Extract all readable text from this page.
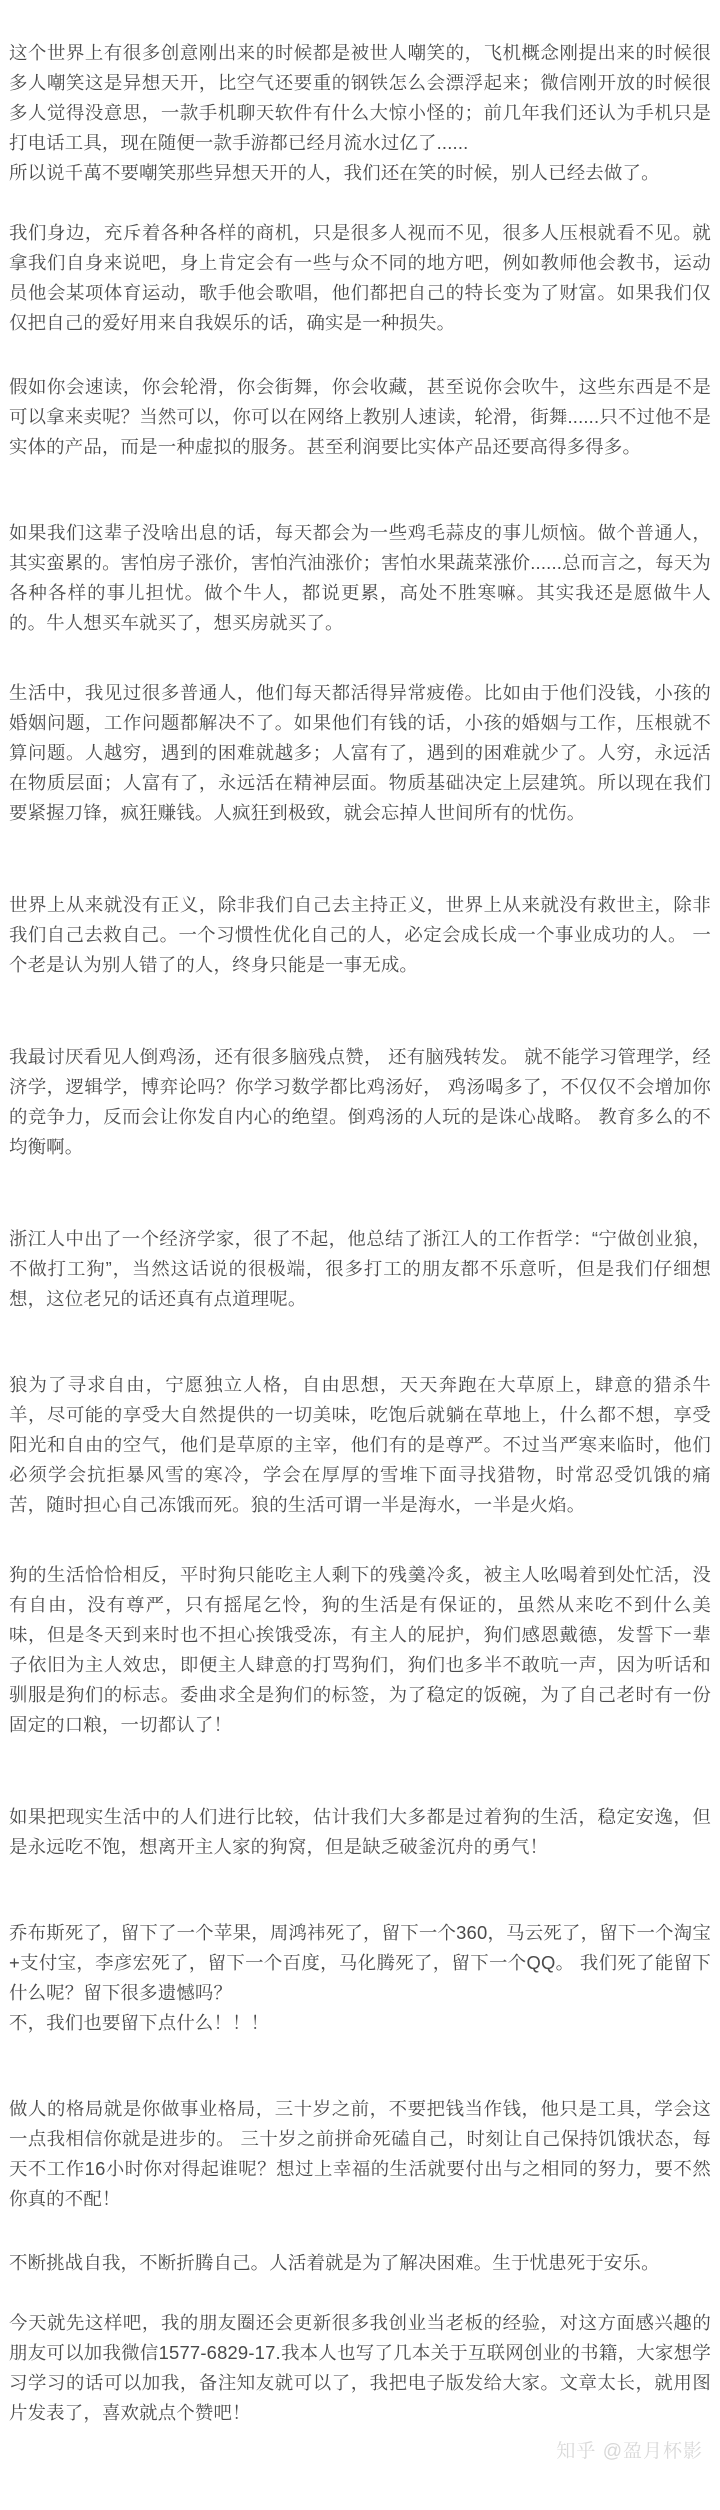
这个世界上有很多创意刚出来的时候都是被世人嘲笑的，飞机概念刚提出来的时候很多人嘲笑这是异想天开，比空气还要重的钢铁怎么会漂浮起来；微信刚开放的时候很多人觉得没意思，一款手机聊天软件有什么大惊小怪的；前几年我们还认为手机只是打电话工具，现在随便一款手游都已经月流水过亿了......

所以说千萬不要嘲笑那些异想天开的人，我们还在笑的时候，别人已经去做了。

我们身边，充斥着各种各样的商机，只是很多人视而不见，很多人压根就看不见。就拿我们自身来说吧，身上肯定会有一些与众不同的地方吧，例如教师他会教书，运动员他会某项体育运动，歌手他会歌唱，他们都把自己的特长变为了财富。如果我们仅仅把自己的爱好用来自我娱乐的话，确实是一种损失。

假如你会速读，你会轮滑，你会街舞，你会收藏，甚至说你会吹牛，这些东西是不是可以拿来卖呢？当然可以，你可以在网络上教别人速读，轮滑，街舞......只不过他不是实体的产品，而是一种虚拟的服务。甚至利润要比实体产品还要高得多得多。

如果我们这辈子没啥出息的话，每天都会为一些鸡毛蒜皮的事儿烦恼。做个普通人，其实蛮累的。害怕房子涨价，害怕汽油涨价；害怕水果蔬菜涨价......总而言之，每天为各种各样的事儿担忧。做个牛人，都说更累，高处不胜寒嘛。其实我还是愿做牛人的。牛人想买车就买了，想买房就买了。

生活中，我见过很多普通人，他们每天都活得异常疲倦。比如由于他们没钱，小孩的婚姻问题，工作问题都解决不了。如果他们有钱的话，小孩的婚姻与工作，压根就不算问题。人越穷，遇到的困难就越多；人富有了，遇到的困难就少了。人穷，永远活在物质层面；人富有了，永远活在精神层面。物质基础决定上层建筑。所以现在我们要紧握刀锋，疯狂赚钱。人疯狂到极致，就会忘掉人世间所有的忧伤。

世界上从来就没有正义，除非我们自己去主持正义，世界上从来就没有救世主，除非我们自己去救自己。一个习惯性优化自己的人，必定会成长成一个事业成功的人。 一个老是认为别人错了的人，终身只能是一事无成。

我最讨厌看见人倒鸡汤，还有很多脑残点赞， 还有脑残转发。 就不能学习管理学，经济学，逻辑学，博弈论吗？你学习数学都比鸡汤好， 鸡汤喝多了，不仅仅不会增加你的竞争力，反而会让你发自内心的绝望。倒鸡汤的人玩的是诛心战略。 教育多么的不均衡啊。

浙江人中出了一个经济学家，很了不起，他总结了浙江人的工作哲学：“宁做创业狼，不做打工狗”，当然这话说的很极端，很多打工的朋友都不乐意听，但是我们仔细想想，这位老兄的话还真有点道理呢。

狼为了寻求自由，宁愿独立人格，自由思想，天天奔跑在大草原上，肆意的猎杀牛羊，尽可能的享受大自然提供的一切美味，吃饱后就躺在草地上，什么都不想，享受阳光和自由的空气，他们是草原的主宰，他们有的是尊严。不过当严寒来临时，他们必须学会抗拒暴风雪的寒冷，学会在厚厚的雪堆下面寻找猎物，时常忍受饥饿的痛苦，随时担心自己冻饿而死。狼的生活可谓一半是海水，一半是火焰。

狗的生活恰恰相反，平时狗只能吃主人剩下的残羹冷炙，被主人吆喝着到处忙活，没有自由，没有尊严，只有摇尾乞怜，狗的生活是有保证的，虽然从来吃不到什么美味，但是冬天到来时也不担心挨饿受冻，有主人的屁护，狗们感恩戴德，发誓下一辈子依旧为主人效忠，即便主人肆意的打骂狗们，狗们也多半不敢吭一声，因为听话和驯服是狗们的标志。委曲求全是狗们的标签，为了稳定的饭碗，为了自己老时有一份固定的口粮，一切都认了！

如果把现实生活中的人们进行比较，估计我们大多都是过着狗的生活，稳定安逸，但是永远吃不饱，想离开主人家的狗窝，但是缺乏破釜沉舟的勇气！

乔布斯死了，留下了一个苹果，周鸿祎死了，留下一个360，马云死了，留下一个淘宝+支付宝，李彦宏死了，留下一个百度，马化腾死了，留下一个QQ。 我们死了能留下什么呢？留下很多遗憾吗？

不，我们也要留下点什么！！！

做人的格局就是你做事业格局，三十岁之前，不要把钱当作钱，他只是工具，学会这一点我相信你就是进步的。 三十岁之前拼命死磕自己，时刻让自己保持饥饿状态，每天不工作16小时你对得起谁呢？想过上幸福的生活就要付出与之相同的努力，要不然你真的不配！

不断挑战自我，不断折腾自己。人活着就是为了解决困难。生于忧患死于安乐。

今天就先这样吧，我的朋友圈还会更新很多我创业当老板的经验，对这方面感兴趣的朋友可以加我微信1577-6829-17.我本人也写了几本关于互联网创业的书籍，大家想学习学习的话可以加我，备注知友就可以了，我把电子版发给大家。文章太长，就用图片发表了，喜欢就点个赞吧！

知乎 @盈月杯影
